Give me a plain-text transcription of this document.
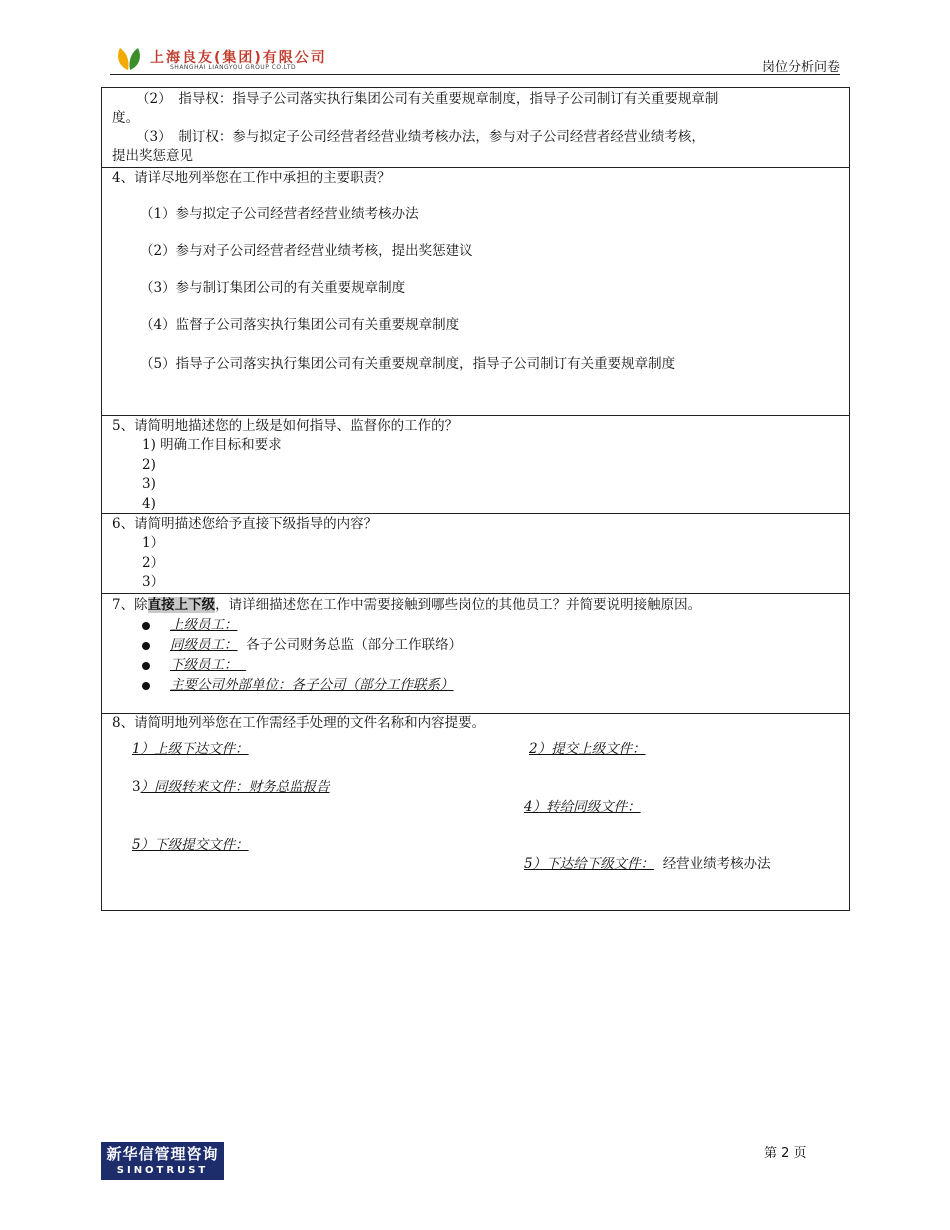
上海良友(集团)有限公司
SHANGHAI LIANGYOU GROUP CO.LTD	岗位分析问卷
（2）　指导权：指导子公司落实执行集团公司有关重要规章制度，指导子公司制订有关重要规章制
度。
（3）　制订权：参与拟定子公司经营者经营业绩考核办法，参与对子公司经营者经营业绩考核，
提出奖惩意见
4、请详尽地列举您在工作中承担的主要职责？
（1）参与拟定子公司经营者经营业绩考核办法
（2）参与对子公司经营者经营业绩考核，提出奖惩建议
（3）参与制订集团公司的有关重要规章制度
（4）监督子公司落实执行集团公司有关重要规章制度
（5）指导子公司落实执行集团公司有关重要规章制度，指导子公司制订有关重要规章制度
5、请简明地描述您的上级是如何指导、监督你的工作的？
1) 明确工作目标和要求
2)
3)
4)
6、请简明描述您给予直接下级指导的内容？
1）
2）
3）
7、除直接上下级，请详细描述您在工作中需要接触到哪些岗位的其他员工？并简要说明接触原因。
上级员工：
同级员工： 各子公司财务总监（部分工作联络）
下级员工：
主要公司外部单位：各子公司（部分工作联系）
8、请简明地列举您在工作需经手处理的文件名称和内容提要。
1）上级下达文件：	2）提交上级文件：
3）同级转来文件：财务总监报告
4）转给同级文件：
5）下级提交文件：
5）下达给下级文件： 经营业绩考核办法
新华信管理咨询
SINOTRUST
第 2 页
